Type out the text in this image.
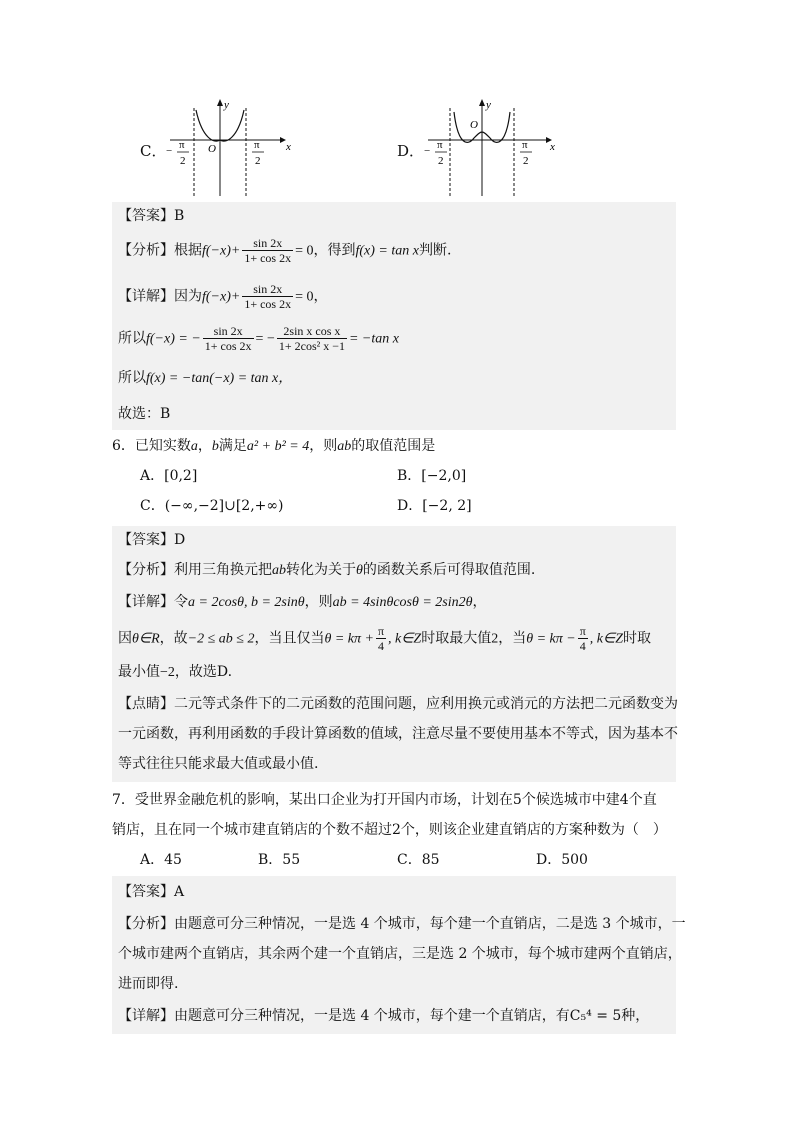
C．
y
x
O
− π
2
π
2
D．
y
x
O
− π
2
π
2
【答案】B
【分析】根据$f(-x)+ \frac{\sin 2x}{1+ \cos 2x} = 0$，得到f(x) = tan x判断.
【详解】因为$f(-x)+ \frac{\sin 2x}{1+ \cos 2x} = 0$，
所以f(−x) = − $\frac{\sin 2x}{1+ \cos 2x}$ = − $\frac{\text{2sin x cos x}}{\text{1+ 2cos² x −1}} = -\tan$ x
所以f(x) = −tan(−x) = tan x，
故选：B
6．已知实数a，b满足a² + b² = 4，则ab的取值范围是
A．[0,2]	B．[−2,0]
C．(−∞,−2]∪[2,+∞)	D．[−2, 2]
【答案】D
【分析】利用三角换元把ab转化为关于θ的函数关系后可得取值范围.
【详解】令a = 2cosθ, b = 2sinθ，则ab = 4sinθcosθ = 2sin2θ，
因θ∈R，故−2 ≤ ab ≤ 2，当且仅当$\theta = k\pi + \frac{\pi}{4}$ , k∈Z时取最大值2，当$\theta = k\pi - \frac{\pi}{4}$ , k∈Z时取
最小值−2，故选D.
【点睛】二元等式条件下的二元函数的范围问题，应利用换元或消元的方法把二元函数变为
一元函数，再利用函数的手段计算函数的值域，注意尽量不要使用基本不等式，因为基本不
等式往往只能求最大值或最小值.
7．受世界金融危机的影响，某出口企业为打开国内市场，计划在5个候选城市中建4个直
销店，且在同一个城市建直销店的个数不超过2个，则该企业建直销店的方案种数为（　）
A．45	B．55	C．85	D．500
【答案】A
【分析】由题意可分三种情况，一是选 4 个城市，每个建一个直销店，二是选 3 个城市，一
个城市建两个直销店，其余两个建一个直销店，三是选 2 个城市，每个城市建两个直销店，
进而即得.
【详解】由题意可分三种情况，一是选 4 个城市，每个建一个直销店，有C₅⁴ = 5种，
